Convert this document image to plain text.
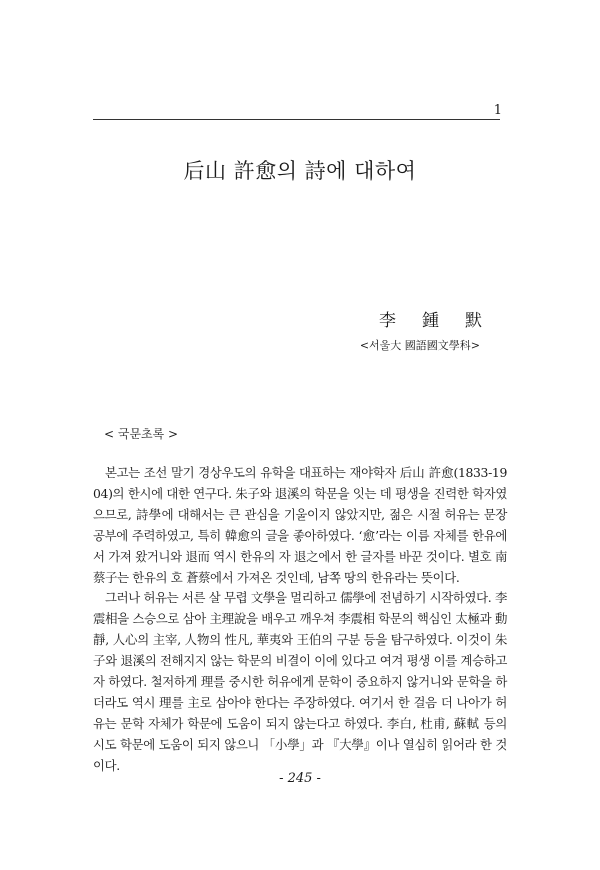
1
后山 許愈의 詩에 대하여
李鍾默
<서울大 國語國文學科>
< 국문초록 >

본고는 조선 말기 경상우도의 유학을 대표하는 재야학자 后山 許愈(1833-1904)의 한시에 대한 연구다. 朱子와 退溪의 학문을 잇는 데 평생을 진력한 학자였으므로, 詩學에 대해서는 큰 관심을 기울이지 않았지만, 젊은 시절 허유는 문장 공부에 주력하였고, 특히 韓愈의 글을 좋아하였다. ‘愈’라는 이름 자체를 한유에서 가져 왔거니와 退而 역시 한유의 자 退之에서 한 글자를 바꾼 것이다. 별호 南蔡子는 한유의 호 蒼蔡에서 가져온 것인데, 남쪽 땅의 한유라는 뜻이다.

그러나 허유는 서른 살 무렵 文學을 멀리하고 儒學에 전념하기 시작하였다. 李震相을 스승으로 삼아 主理說을 배우고 깨우쳐 李震相 학문의 핵심인 太極과 動靜, 人心의 主宰, 人物의 性凡, 華夷와 王伯의 구분 등을 탐구하였다. 이것이 朱子와 退溪의 전해지지 않는 학문의 비결이 이에 있다고 여겨 평생 이를 계승하고자 하였다. 철저하게 理를 중시한 허유에게 문학이 중요하지 않거니와 문학을 하더라도 역시 理를 主로 삼아야 한다는 주장하였다. 여기서 한 걸음 더 나아가 허유는 문학 자체가 학문에 도움이 되지 않는다고 하였다. 李白, 杜甫, 蘇軾 등의 시도 학문에 도움이 되지 않으니 「小學」과 『大學』이나 열심히 읽어라 한 것이다.

- 245 -
